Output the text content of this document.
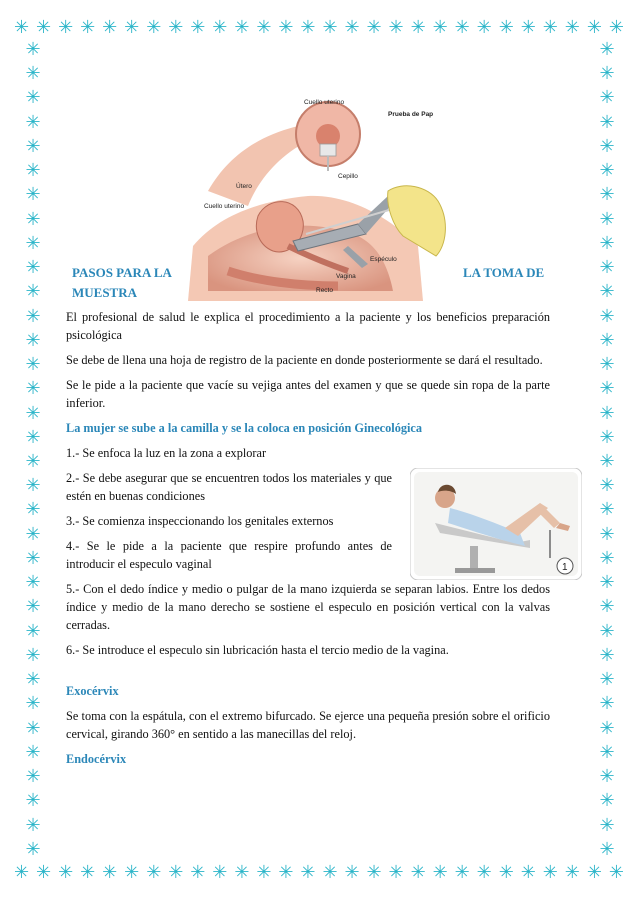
✳ ✳ ✳ ✳ ✳ ✳ ✳ ✳ ✳ ✳ ✳ ✳ ✳ ✳ ✳ ✳ ✳ ✳ ✳ ✳ ✳ ✳ ✳ ✳ ✳ ✳ ✳ ✳
✳ ✳ ✳ ✳ ✳ ✳ ✳ ✳ ✳ ✳ ✳ ✳ ✳ ✳ ✳ ✳ ✳ ✳ ✳ ✳ ✳ ✳ ✳ ✳ ✳ ✳ ✳ ✳
✳
✳
✳
✳
✳
✳
✳
✳
✳
✳
✳
✳
✳
✳
✳
✳
✳
✳
✳
✳
✳
✳
✳
✳
✳
✳
✳
✳
✳
✳
✳
✳
✳
✳
✳
✳
✳
✳
✳
✳
✳
✳
✳
✳
✳
✳
✳
✳
✳
✳
✳
✳
✳
✳
✳
✳
✳
✳
✳
✳
✳
✳
✳
✳
✳
✳
✳
✳
Cuello uterino
Prueba de Pap
Cepillo
Útero
Cuello uterino
Espéculo
Vagina
Recto
1
PASOS PARA LA MUESTRA
LA TOMA DE

El profesional de salud le explica el procedimiento a la paciente y los beneficios preparación psicológica

Se debe de llena una hoja de registro de la paciente en donde posteriormente se dará el resultado.

Se le pide a la paciente que vacíe su vejiga antes del examen y que se quede sin ropa de la parte inferior.

La mujer se sube a la camilla y se la coloca en posición Ginecológica

1.- Se enfoca la luz en la zona a explorar

2.- Se debe asegurar que se encuentren todos los materiales y que estén en buenas condiciones

3.- Se comienza inspeccionando los genitales externos

4.- Se le pide a la paciente que respire profundo antes de introducir el especulo vaginal

5.- Con el dedo índice y medio o pulgar de la mano izquierda se separan labios. Entre los dedos índice y medio de la mano derecho se sostiene el especulo en posición vertical con la valvas cerradas.

6.- Se introduce el especulo sin lubricación hasta el tercio medio de la vagina.

Exocérvix

Se toma con la espátula, con el extremo bifurcado. Se ejerce una pequeña presión sobre el orificio cervical, girando 360° en sentido a las manecillas del reloj.

Endocérvix
